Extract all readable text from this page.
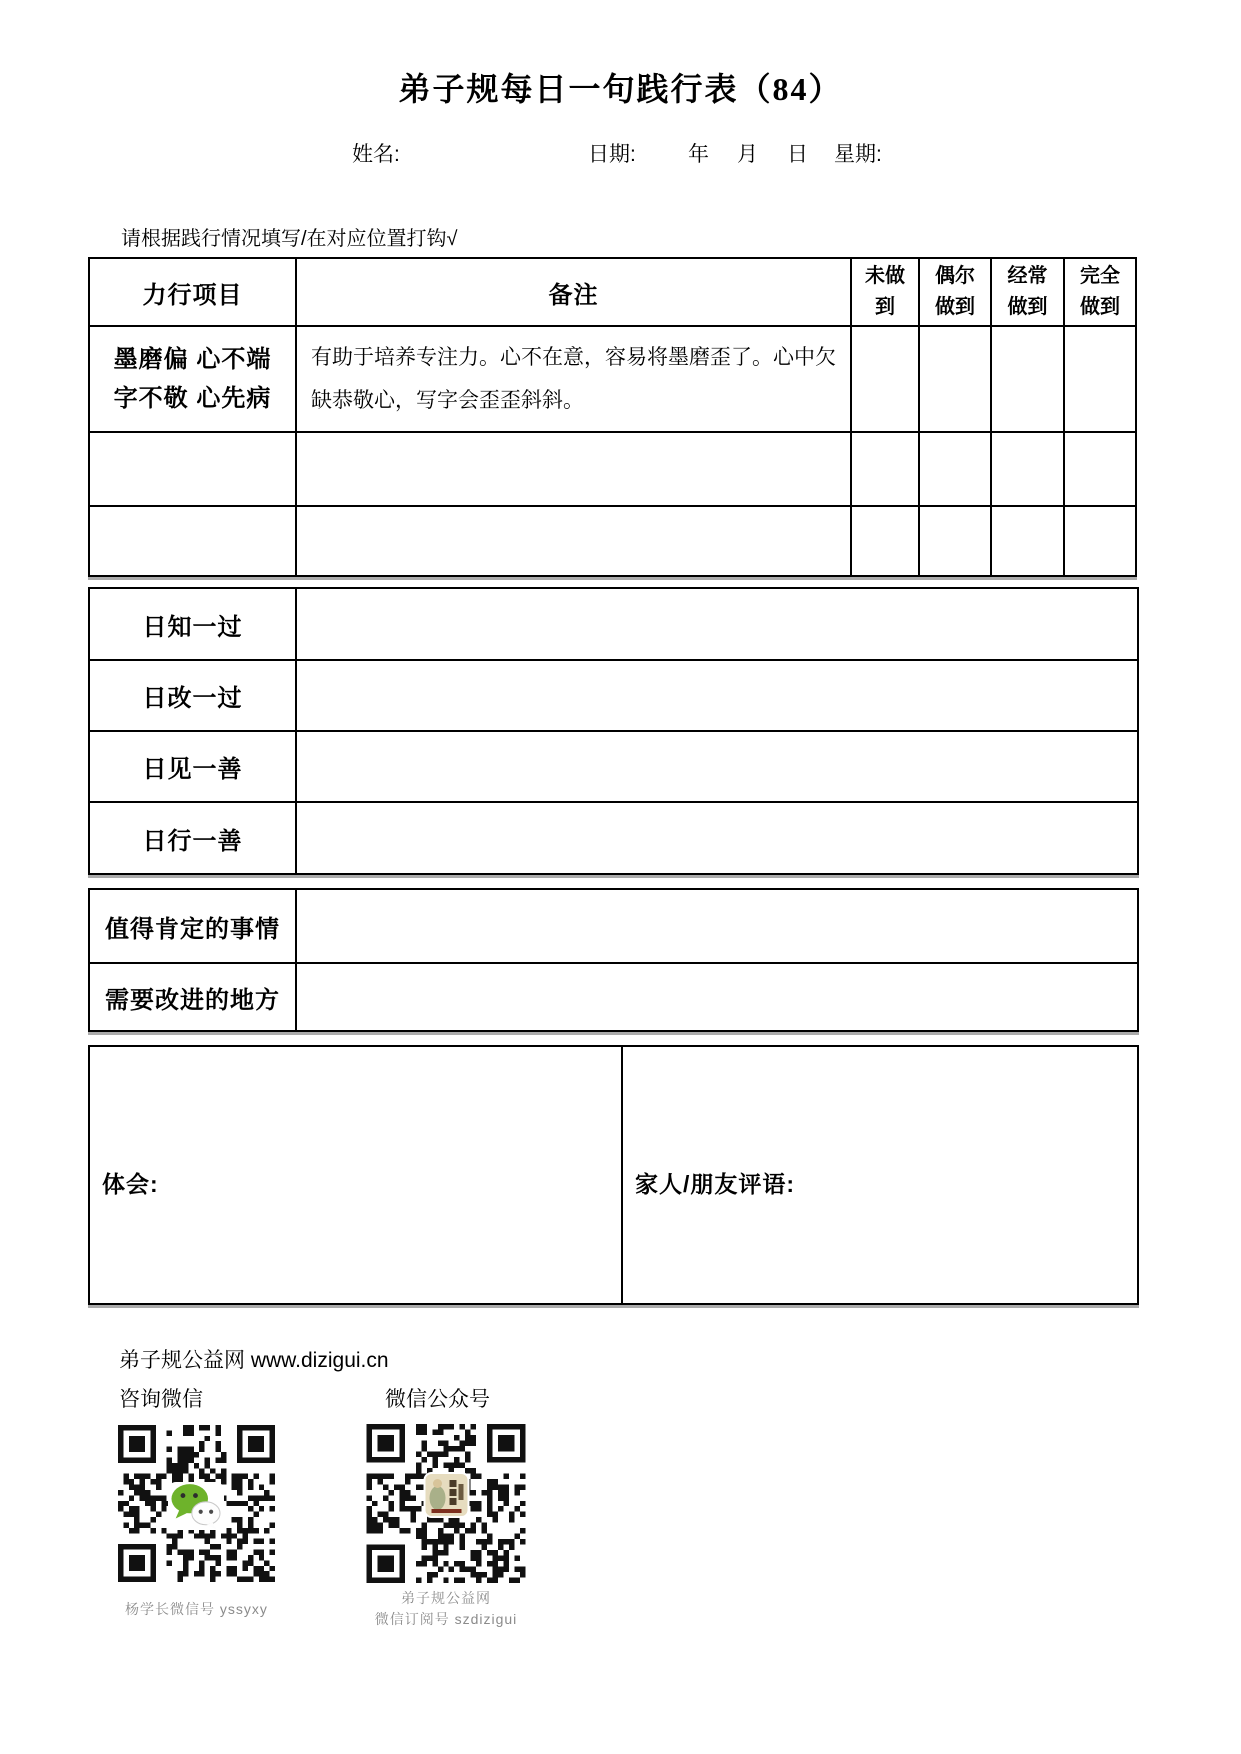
弟子规每日一句践行表（84）
姓名:	日期: 年 月 日 星期:
请根据践行情况填写/在对应位置打钩√
力行项目	备注	未做到	偶尔做到	经常做到	完全做到

墨磨偏 心不端
字不敬 心先病	有助于培养专注力。心不在意，容易将墨磨歪了。心中欠缺恭敬心，写字会歪歪斜斜。				

日知一过	
日改一过	
日见一善	
日行一善	
值得肯定的事情	
需要改进的地方	
体会:	家人/朋友评语:
弟子规公益网 www.dizigui.cn
咨询微信	微信公众号
杨学长微信号 yssyxy
弟子规公益网
微信订阅号 szdizigui
